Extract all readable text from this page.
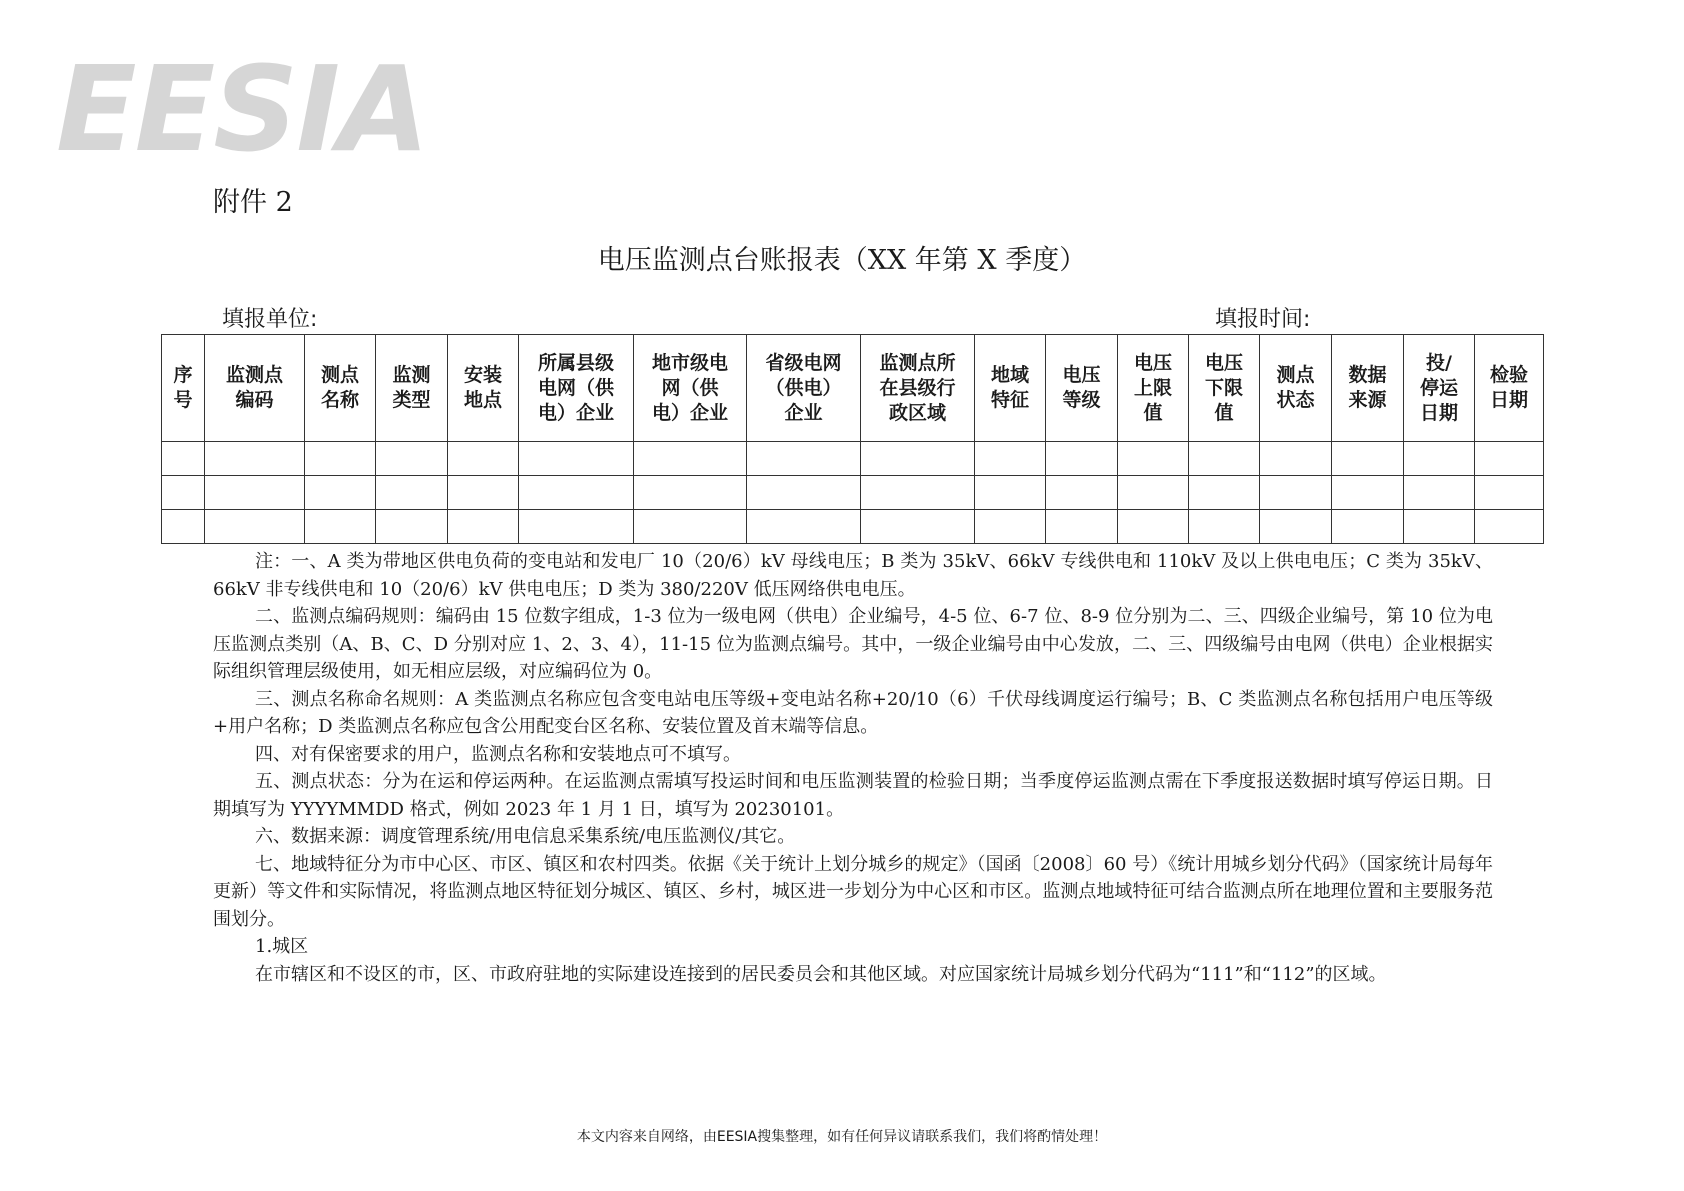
EESIA
附件 2
电压监测点台账报表（XX 年第 X 季度）
填报单位:	填报时间:
序号	监测点编码	测点名称	监测类型	安装地点	所属县级电网（供电）企业	地市级电网（供电）企业	省级电网（供电）企业	监测点所在县级行政区域	地域特征	电压等级	电压上限值	电压下限值	测点状态	数据来源	投/停运日期	检验日期

注：一、A 类为带地区供电负荷的变电站和发电厂 10（20/6）kV 母线电压；B 类为 35kV、66kV 专线供电和 110kV 及以上供电电压；C 类为 35kV、66kV 非专线供电和 10（20/6）kV 供电电压；D 类为 380/220V 低压网络供电电压。

二、监测点编码规则：编码由 15 位数字组成，1-3 位为一级电网（供电）企业编号，4-5 位、6-7 位、8-9 位分别为二、三、四级企业编号，第 10 位为电压监测点类别（A、B、C、D 分别对应 1、2、3、4），11-15 位为监测点编号。其中，一级企业编号由中心发放，二、三、四级编号由电网（供电）企业根据实际组织管理层级使用，如无相应层级，对应编码位为 0。

三、测点名称命名规则：A 类监测点名称应包含变电站电压等级+变电站名称+20/10（6）千伏母线调度运行编号；B、C 类监测点名称包括用户电压等级+用户名称；D 类监测点名称应包含公用配变台区名称、安装位置及首末端等信息。

四、对有保密要求的用户，监测点名称和安装地点可不填写。

五、测点状态：分为在运和停运两种。在运监测点需填写投运时间和电压监测装置的检验日期；当季度停运监测点需在下季度报送数据时填写停运日期。日期填写为 YYYYMMDD 格式，例如 2023 年 1 月 1 日，填写为 20230101。

六、数据来源：调度管理系统/用电信息采集系统/电压监测仪/其它。

七、地域特征分为市中心区、市区、镇区和农村四类。依据《关于统计上划分城乡的规定》（国函〔2008〕60 号）《统计用城乡划分代码》（国家统计局每年更新）等文件和实际情况，将监测点地区特征划分城区、镇区、乡村，城区进一步划分为中心区和市区。监测点地域特征可结合监测点所在地理位置和主要服务范围划分。

1.城区

在市辖区和不设区的市，区、市政府驻地的实际建设连接到的居民委员会和其他区域。对应国家统计局城乡划分代码为“111”和“112”的区域。

本文内容来自网络，由EESIA搜集整理，如有任何异议请联系我们，我们将酌情处理！
